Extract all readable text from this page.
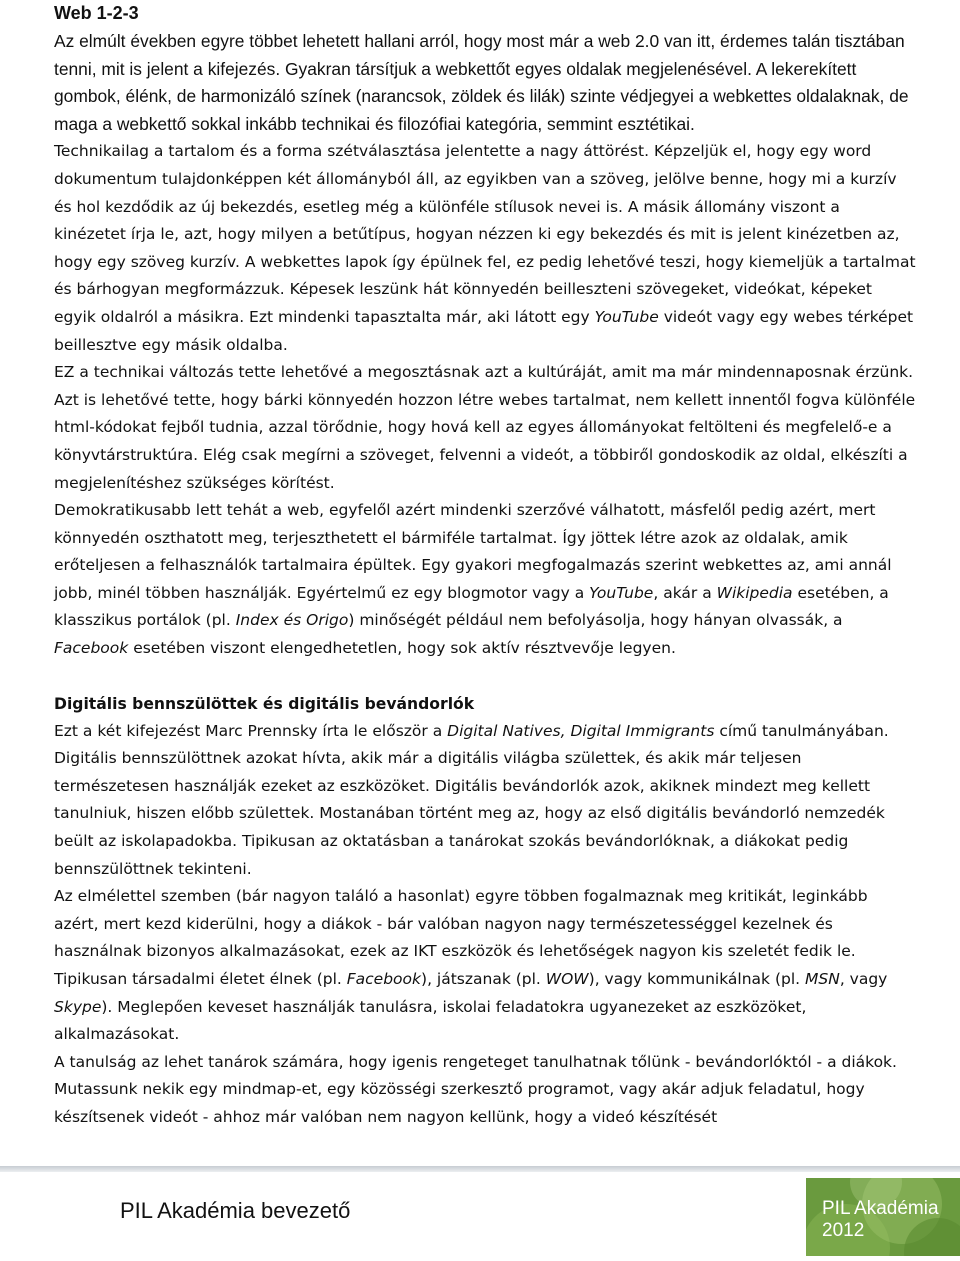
Web 1-2-3

Az elmúlt években egyre többet lehetett hallani arról, hogy most már a web 2.0 van itt, érdemes talán tisztában tenni, mit is jelent a kifejezés. Gyakran társítjuk a webkettőt egyes oldalak megjelenésével. A lekerekített gombok, élénk, de harmonizáló színek (narancsok, zöldek és lilák) szinte védjegyei a webkettes oldalaknak, de maga a webkettő sokkal inkább technikai és filozófiai kategória, semmint esztétikai.

Technikailag a tartalom és a forma szétválasztása jelentette a nagy áttörést. Képzeljük el, hogy egy word dokumentum tulajdonképpen két állományból áll, az egyikben van a szöveg, jelölve benne, hogy mi a kurzív és hol kezdődik az új bekezdés, esetleg még a különféle stílusok nevei is. A másik állomány viszont a kinézetet írja le, azt, hogy milyen a betűtípus, hogyan nézzen ki egy bekezdés és mit is jelent kinézetben az, hogy egy szöveg kurzív. A webkettes lapok így épülnek fel, ez pedig lehetővé teszi, hogy kiemeljük a tartalmat és bárhogyan megformázzuk. Képesek leszünk hát könnyedén beilleszteni szövegeket, videókat, képeket egyik oldalról a másikra. Ezt mindenki tapasztalta már, aki látott egy YouTube videót vagy egy webes térképet beillesztve egy másik oldalba.

EZ a technikai változás tette lehetővé a megosztásnak azt a kultúráját, amit ma már mindennaposnak érzünk. Azt is lehetővé tette, hogy bárki könnyedén hozzon létre webes tartalmat, nem kellett innentől fogva különféle html-kódokat fejből tudnia, azzal törődnie, hogy hová kell az egyes állományokat feltölteni és megfelelő-e a könyvtárstruktúra. Elég csak megírni a szöveget, felvenni a videót, a többiről gondoskodik az oldal, elkészíti a megjelenítéshez szükséges körítést.

Demokratikusabb lett tehát a web, egyfelől azért mindenki szerzővé válhatott, másfelől pedig azért, mert könnyedén oszthatott meg, terjeszthetett el bármiféle tartalmat. Így jöttek létre azok az oldalak, amik erőteljesen a felhasználók tartalmaira épültek. Egy gyakori megfogalmazás szerint webkettes az, ami annál jobb, minél többen használják. Egyértelmű ez egy blogmotor vagy a YouTube, akár a Wikipedia esetében, a klasszikus portálok (pl. Index és Origo) minőségét például nem befolyásolja, hogy hányan olvassák, a Facebook esetében viszont elengedhetetlen, hogy sok aktív résztvevője legyen.

Digitális bennszülöttek és digitális bevándorlók

Ezt a két kifejezést Marc Prennsky írta le először a Digital Natives, Digital Immigrants című tanulmányában. Digitális bennszülöttnek azokat hívta, akik már a digitális világba születtek, és akik már teljesen természetesen használják ezeket az eszközöket. Digitális bevándorlók azok, akiknek mindezt meg kellett tanulniuk, hiszen előbb születtek. Mostanában történt meg az, hogy az első digitális bevándorló nemzedék beült az iskolapadokba. Tipikusan az oktatásban a tanárokat szokás bevándorlóknak, a diákokat pedig bennszülöttnek tekinteni.

Az elmélettel szemben (bár nagyon találó a hasonlat) egyre többen fogalmaznak meg kritikát, leginkább azért, mert kezd kiderülni, hogy a diákok - bár valóban nagyon nagy természetességgel kezelnek és használnak bizonyos alkalmazásokat, ezek az IKT eszközök és lehetőségek nagyon kis szeletét fedik le. Tipikusan társadalmi életet élnek (pl. Facebook), játszanak (pl. WOW), vagy kommunikálnak (pl. MSN, vagy Skype). Meglepően keveset használják tanulásra, iskolai feladatokra ugyanezeket az eszközöket, alkalmazásokat.

A tanulság az lehet tanárok számára, hogy igenis rengeteget tanulhatnak tőlünk - bevándorlóktól - a diákok. Mutassunk nekik egy mindmap-et, egy közösségi szerkesztő programot, vagy akár adjuk feladatul, hogy készítsenek videót - ahhoz már valóban nem nagyon kellünk, hogy a videó készítését

PIL Akadémia bevezető	PIL Akadémia
2012
